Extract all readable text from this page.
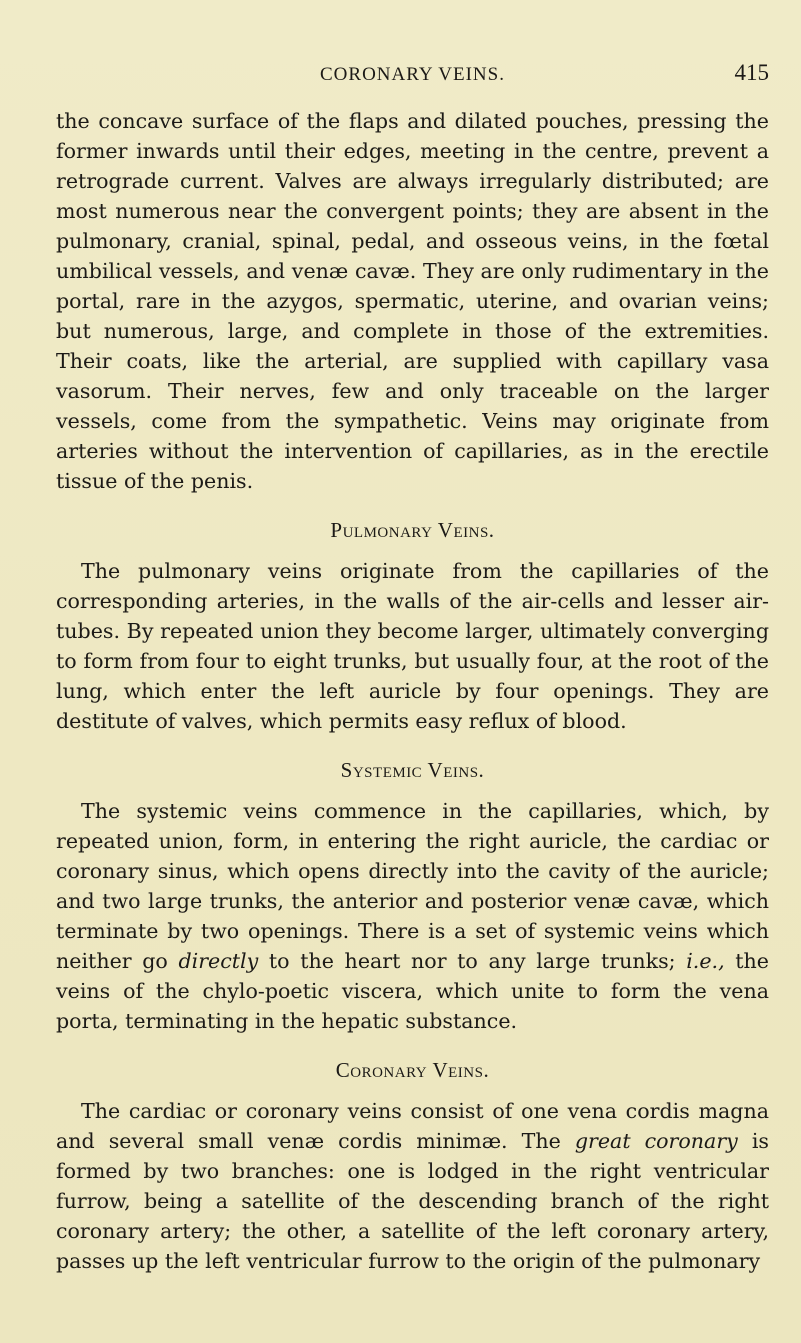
CORONARY VEINS.	415

the concave surface of the flaps and dilated pouches, pressing the former inwards until their edges, meeting in the centre, prevent a retrograde current. Valves are always irregularly distributed; are most numerous near the convergent points; they are absent in the pulmonary, cranial, spinal, pedal, and osseous veins, in the fœtal umbilical vessels, and venæ cavæ. They are only rudimentary in the portal, rare in the azygos, spermatic, uterine, and ovarian veins; but numerous, large, and complete in those of the extremities. Their coats, like the arterial, are supplied with capillary vasa vasorum. Their nerves, few and only traceable on the larger vessels, come from the sympathetic. Veins may originate from arteries without the intervention of capillaries, as in the erectile tissue of the penis.

Pulmonary Veins.

The pulmonary veins originate from the capillaries of the corresponding arteries, in the walls of the air-cells and lesser air-tubes. By repeated union they become larger, ultimately converging to form from four to eight trunks, but usually four, at the root of the lung, which enter the left auricle by four openings. They are destitute of valves, which permits easy reflux of blood.

Systemic Veins.

The systemic veins commence in the capillaries, which, by repeated union, form, in entering the right auricle, the cardiac or coronary sinus, which opens directly into the cavity of the auricle; and two large trunks, the anterior and posterior venæ cavæ, which terminate by two openings. There is a set of systemic veins which neither go directly to the heart nor to any large trunks; i.e., the veins of the chylo-poetic viscera, which unite to form the vena porta, terminating in the hepatic substance.

Coronary Veins.

The cardiac or coronary veins consist of one vena cordis magna and several small venæ cordis minimæ. The great coronary is formed by two branches: one is lodged in the right ventricular furrow, being a satellite of the descending branch of the right coronary artery; the other, a satellite of the left coronary artery, passes up the left ventricular furrow to the origin of the pulmonary
